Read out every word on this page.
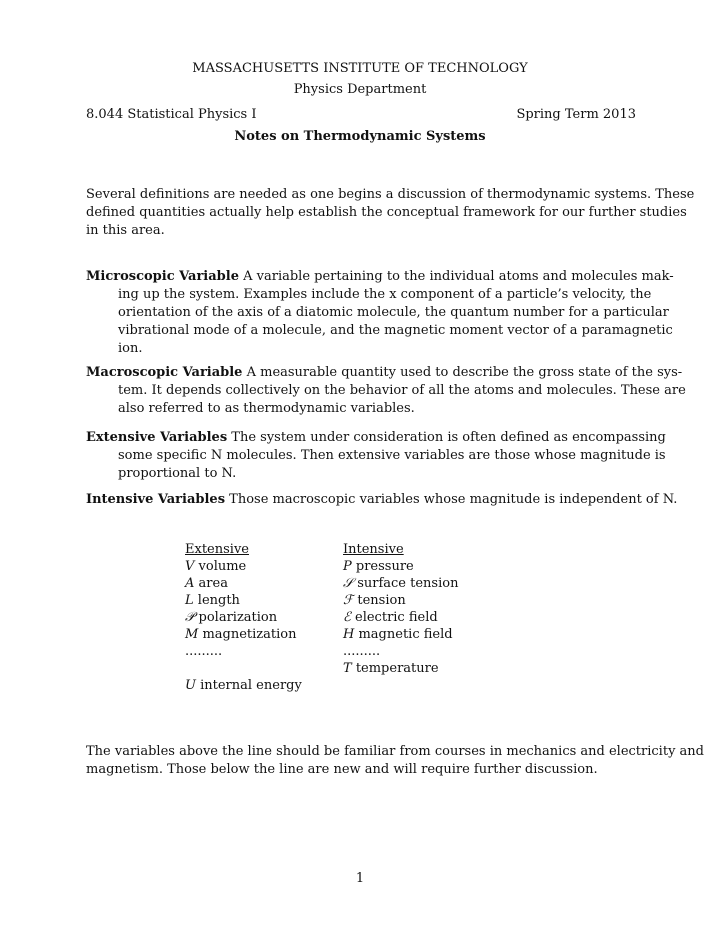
MASSACHUSETTS INSTITUTE OF TECHNOLOGY
Physics Department
8.044 Statistical Physics I	Spring Term 2013
Notes on Thermodynamic Systems
Several definitions are needed as one begins a discussion of thermodynamic systems. These
defined quantities actually help establish the conceptual framework for our further studies
in this area.
Microscopic Variable A variable pertaining to the individual atoms and molecules mak-
ing up the system. Examples include the x component of a particle’s velocity, the
orientation of the axis of a diatomic molecule, the quantum number for a particular
vibrational mode of a molecule, and the magnetic moment vector of a paramagnetic
ion.
Macroscopic Variable A measurable quantity used to describe the gross state of the sys-
tem. It depends collectively on the behavior of all the atoms and molecules. These are
also referred to as thermodynamic variables.
Extensive Variables The system under consideration is often defined as encompassing
some specific N molecules. Then extensive variables are those whose magnitude is
proportional to N.
Intensive Variables Those macroscopic variables whose magnitude is independent of N.
Extensive
V volume
A area
L length
𝒫 polarization
M magnetization
.........
U internal energy
Intensive
P pressure
𝒮 surface tension
ℱ tension
ℰ electric field
H magnetic field
.........
T temperature
The variables above the line should be familiar from courses in mechanics and electricity and
magnetism. Those below the line are new and will require further discussion.
1
